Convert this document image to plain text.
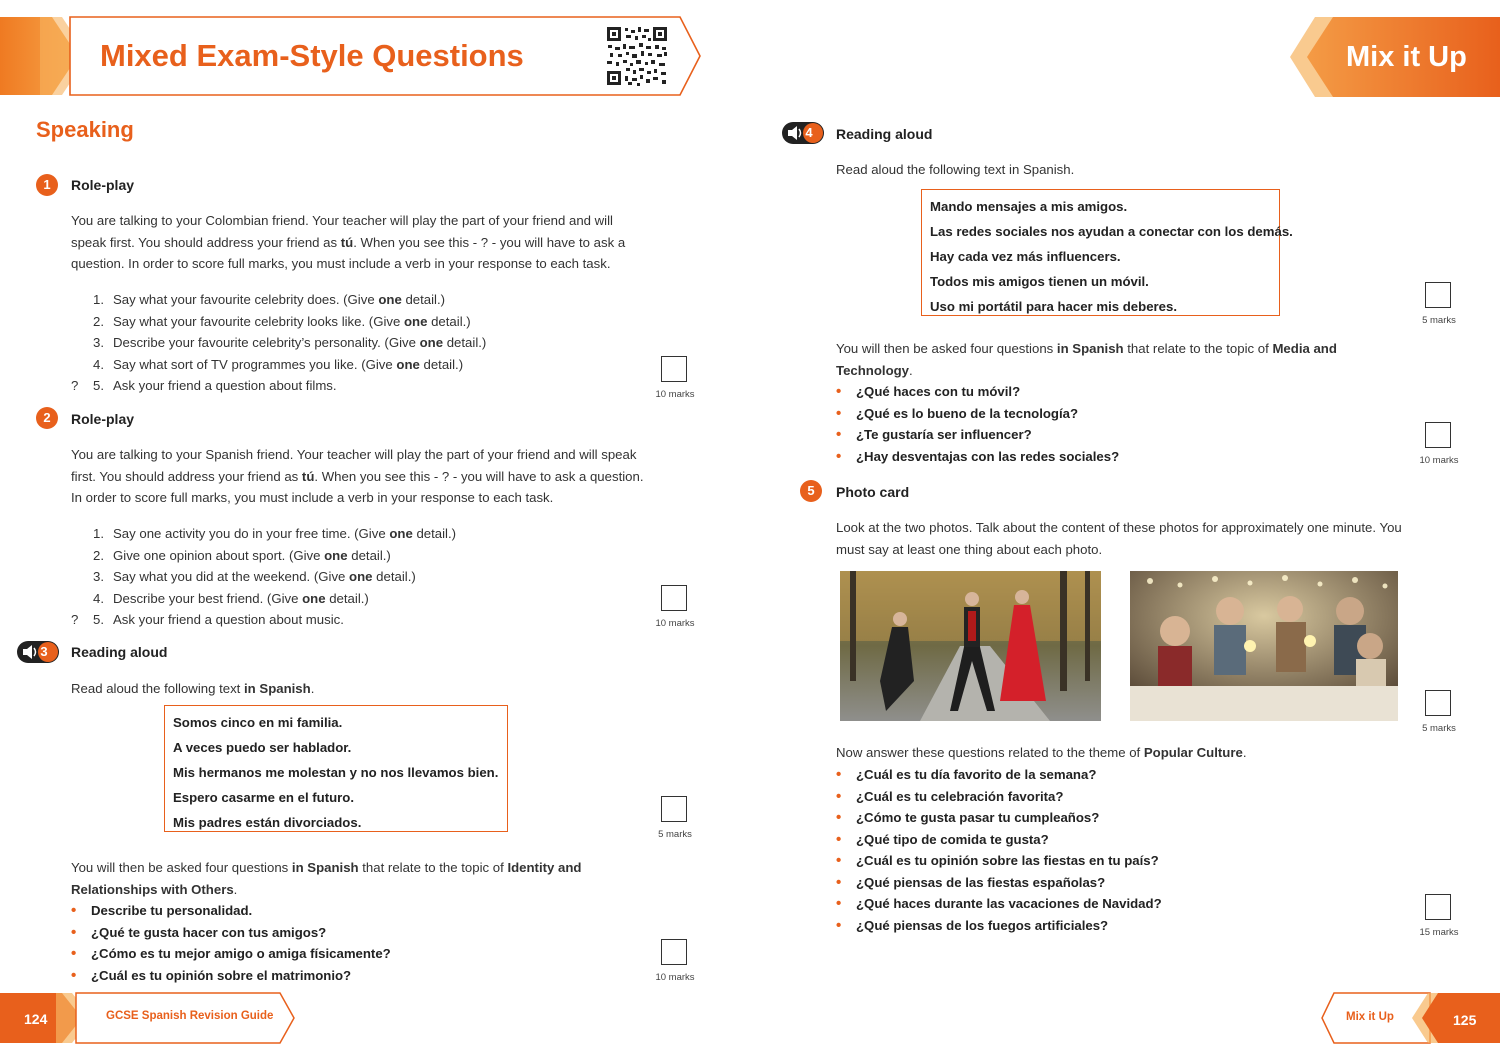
Mixed Exam-Style Questions	Mix it Up
Speaking
1	Role-play
You are talking to your Colombian friend. Your teacher will play the part of your friend and will
speak first. You should address your friend as tú. When you see this - ? - you will have to ask a
question. In order to score full marks, you must include a verb in your response to each task.
1. Say what your favourite celebrity does. (Give one detail.)
2. Say what your favourite celebrity looks like. (Give one detail.)
3. Describe your favourite celebrity’s personality. (Give one detail.)
4. Say what sort of TV programmes you like. (Give one detail.)
? 5. Ask your friend a question about films.
10 marks
2	Role-play
You are talking to your Spanish friend. Your teacher will play the part of your friend and will speak
first. You should address your friend as tú. When you see this - ? - you will have to ask a question.
In order to score full marks, you must include a verb in your response to each task.
1. Say one activity you do in your free time. (Give one detail.)
2. Give one opinion about sport. (Give one detail.)
3. Say what you did at the weekend. (Give one detail.)
4. Describe your best friend. (Give one detail.)
? 5. Ask your friend a question about music.	10 marks
3 Reading aloud
Read aloud the following text in Spanish.
Somos cinco en mi familia.
A veces puedo ser hablador.
Mis hermanos me molestan y no nos llevamos bien.
Espero casarme en el futuro.
Mis padres están divorciados.
5 marks
You will then be asked four questions in Spanish that relate to the topic of Identity and
Relationships with Others.
• Describe tu personalidad.
• ¿Qué te gusta hacer con tus amigos?
• ¿Cómo es tu mejor amigo o amiga físicamente?
• ¿Cuál es tu opinión sobre el matrimonio?	10 marks
4 Reading aloud
Read aloud the following text in Spanish.
Mando mensajes a mis amigos.
Las redes sociales nos ayudan a conectar con los demás.
Hay cada vez más influencers.
Todos mis amigos tienen un móvil.
Uso mi portátil para hacer mis deberes.
5 marks
You will then be asked four questions in Spanish that relate to the topic of Media and
Technology.
• ¿Qué haces con tu móvil?
• ¿Qué es lo bueno de la tecnología?
• ¿Te gustaría ser influencer?
• ¿Hay desventajas con las redes sociales?	10 marks
5	Photo card
Look at the two photos. Talk about the content of these photos for approximately one minute. You
must say at least one thing about each photo.
5 marks
Now answer these questions related to the theme of Popular Culture.
• ¿Cuál es tu día favorito de la semana?
• ¿Cuál es tu celebración favorita?
• ¿Cómo te gusta pasar tu cumpleaños?
• ¿Qué tipo de comida te gusta?
• ¿Cuál es tu opinión sobre las fiestas en tu país?
• ¿Qué piensas de las fiestas españolas?
• ¿Qué haces durante las vacaciones de Navidad?
• ¿Qué piensas de los fuegos artificiales?	15 marks
124	GCSE Spanish Revision Guide	Mix it Up	125
